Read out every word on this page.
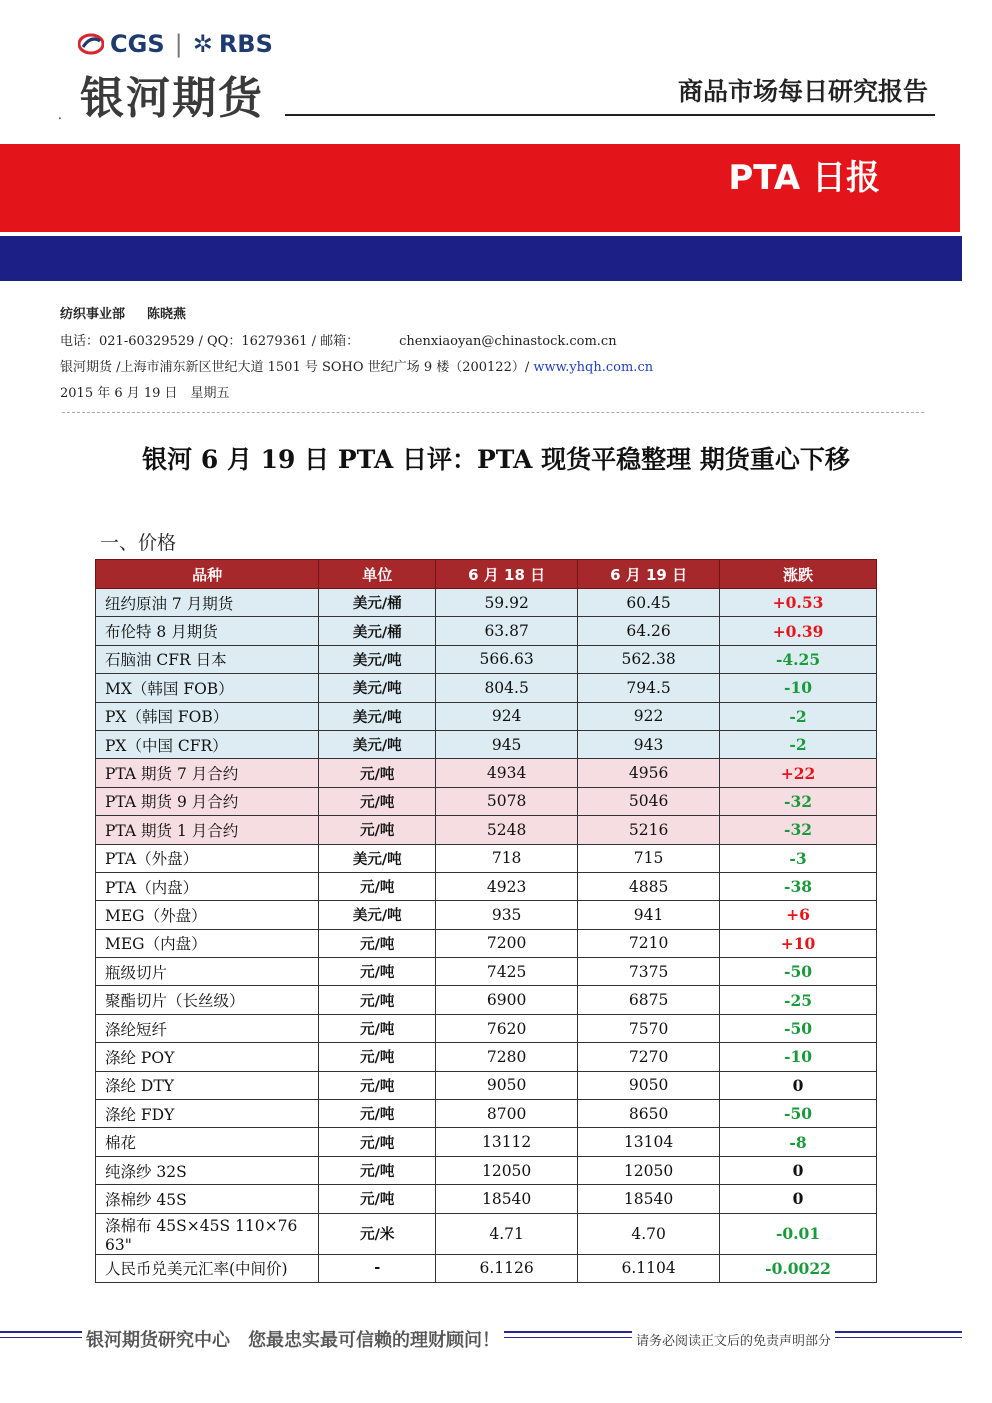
CGS | ✲ RBS
银河期货
.
商品市场每日研究报告
PTA 日报
纺织事业部 陈晓燕
电话：021-60329529 / QQ：16279361 / 邮箱：	chenxiaoyan@chinastock.com.cn
银河期货 /上海市浦东新区世纪大道 1501 号 SOHO 世纪广场 9 楼（200122）/ www.yhqh.com.cn
2015 年 6 月 19 日　星期五
银河 6 月 19 日 PTA 日评：PTA 现货平稳整理 期货重心下移
一、价格
品种	单位	6 月 18 日	6 月 19 日	涨跌
纽约原油 7 月期货	美元/桶	59.92	60.45	+0.53
布伦特 8 月期货	美元/桶	63.87	64.26	+0.39
石脑油 CFR 日本	美元/吨	566.63	562.38	-4.25
MX（韩国 FOB）	美元/吨	804.5	794.5	-10
PX（韩国 FOB）	美元/吨	924	922	-2
PX（中国 CFR）	美元/吨	945	943	-2
PTA 期货 7 月合约	元/吨	4934	4956	+22
PTA 期货 9 月合约	元/吨	5078	5046	-32
PTA 期货 1 月合约	元/吨	5248	5216	-32
PTA（外盘）	美元/吨	718	715	-3
PTA（内盘）	元/吨	4923	4885	-38
MEG（外盘）	美元/吨	935	941	+6
MEG（内盘）	元/吨	7200	7210	+10
瓶级切片	元/吨	7425	7375	-50
聚酯切片（长丝级）	元/吨	6900	6875	-25
涤纶短纤	元/吨	7620	7570	-50
涤纶 POY	元/吨	7280	7270	-10
涤纶 DTY	元/吨	9050	9050	0
涤纶 FDY	元/吨	8700	8650	-50
棉花	元/吨	13112	13104	-8
纯涤纱 32S	元/吨	12050	12050	0
涤棉纱 45S	元/吨	18540	18540	0
涤棉布 45S×45S 110×76 63"	元/米	4.71	4.70	-0.01
人民币兑美元汇率(中间价)	-	6.1126	6.1104	-0.0022
银河期货研究中心　您最忠实最可信赖的理财顾问！	请务必阅读正文后的免责声明部分
